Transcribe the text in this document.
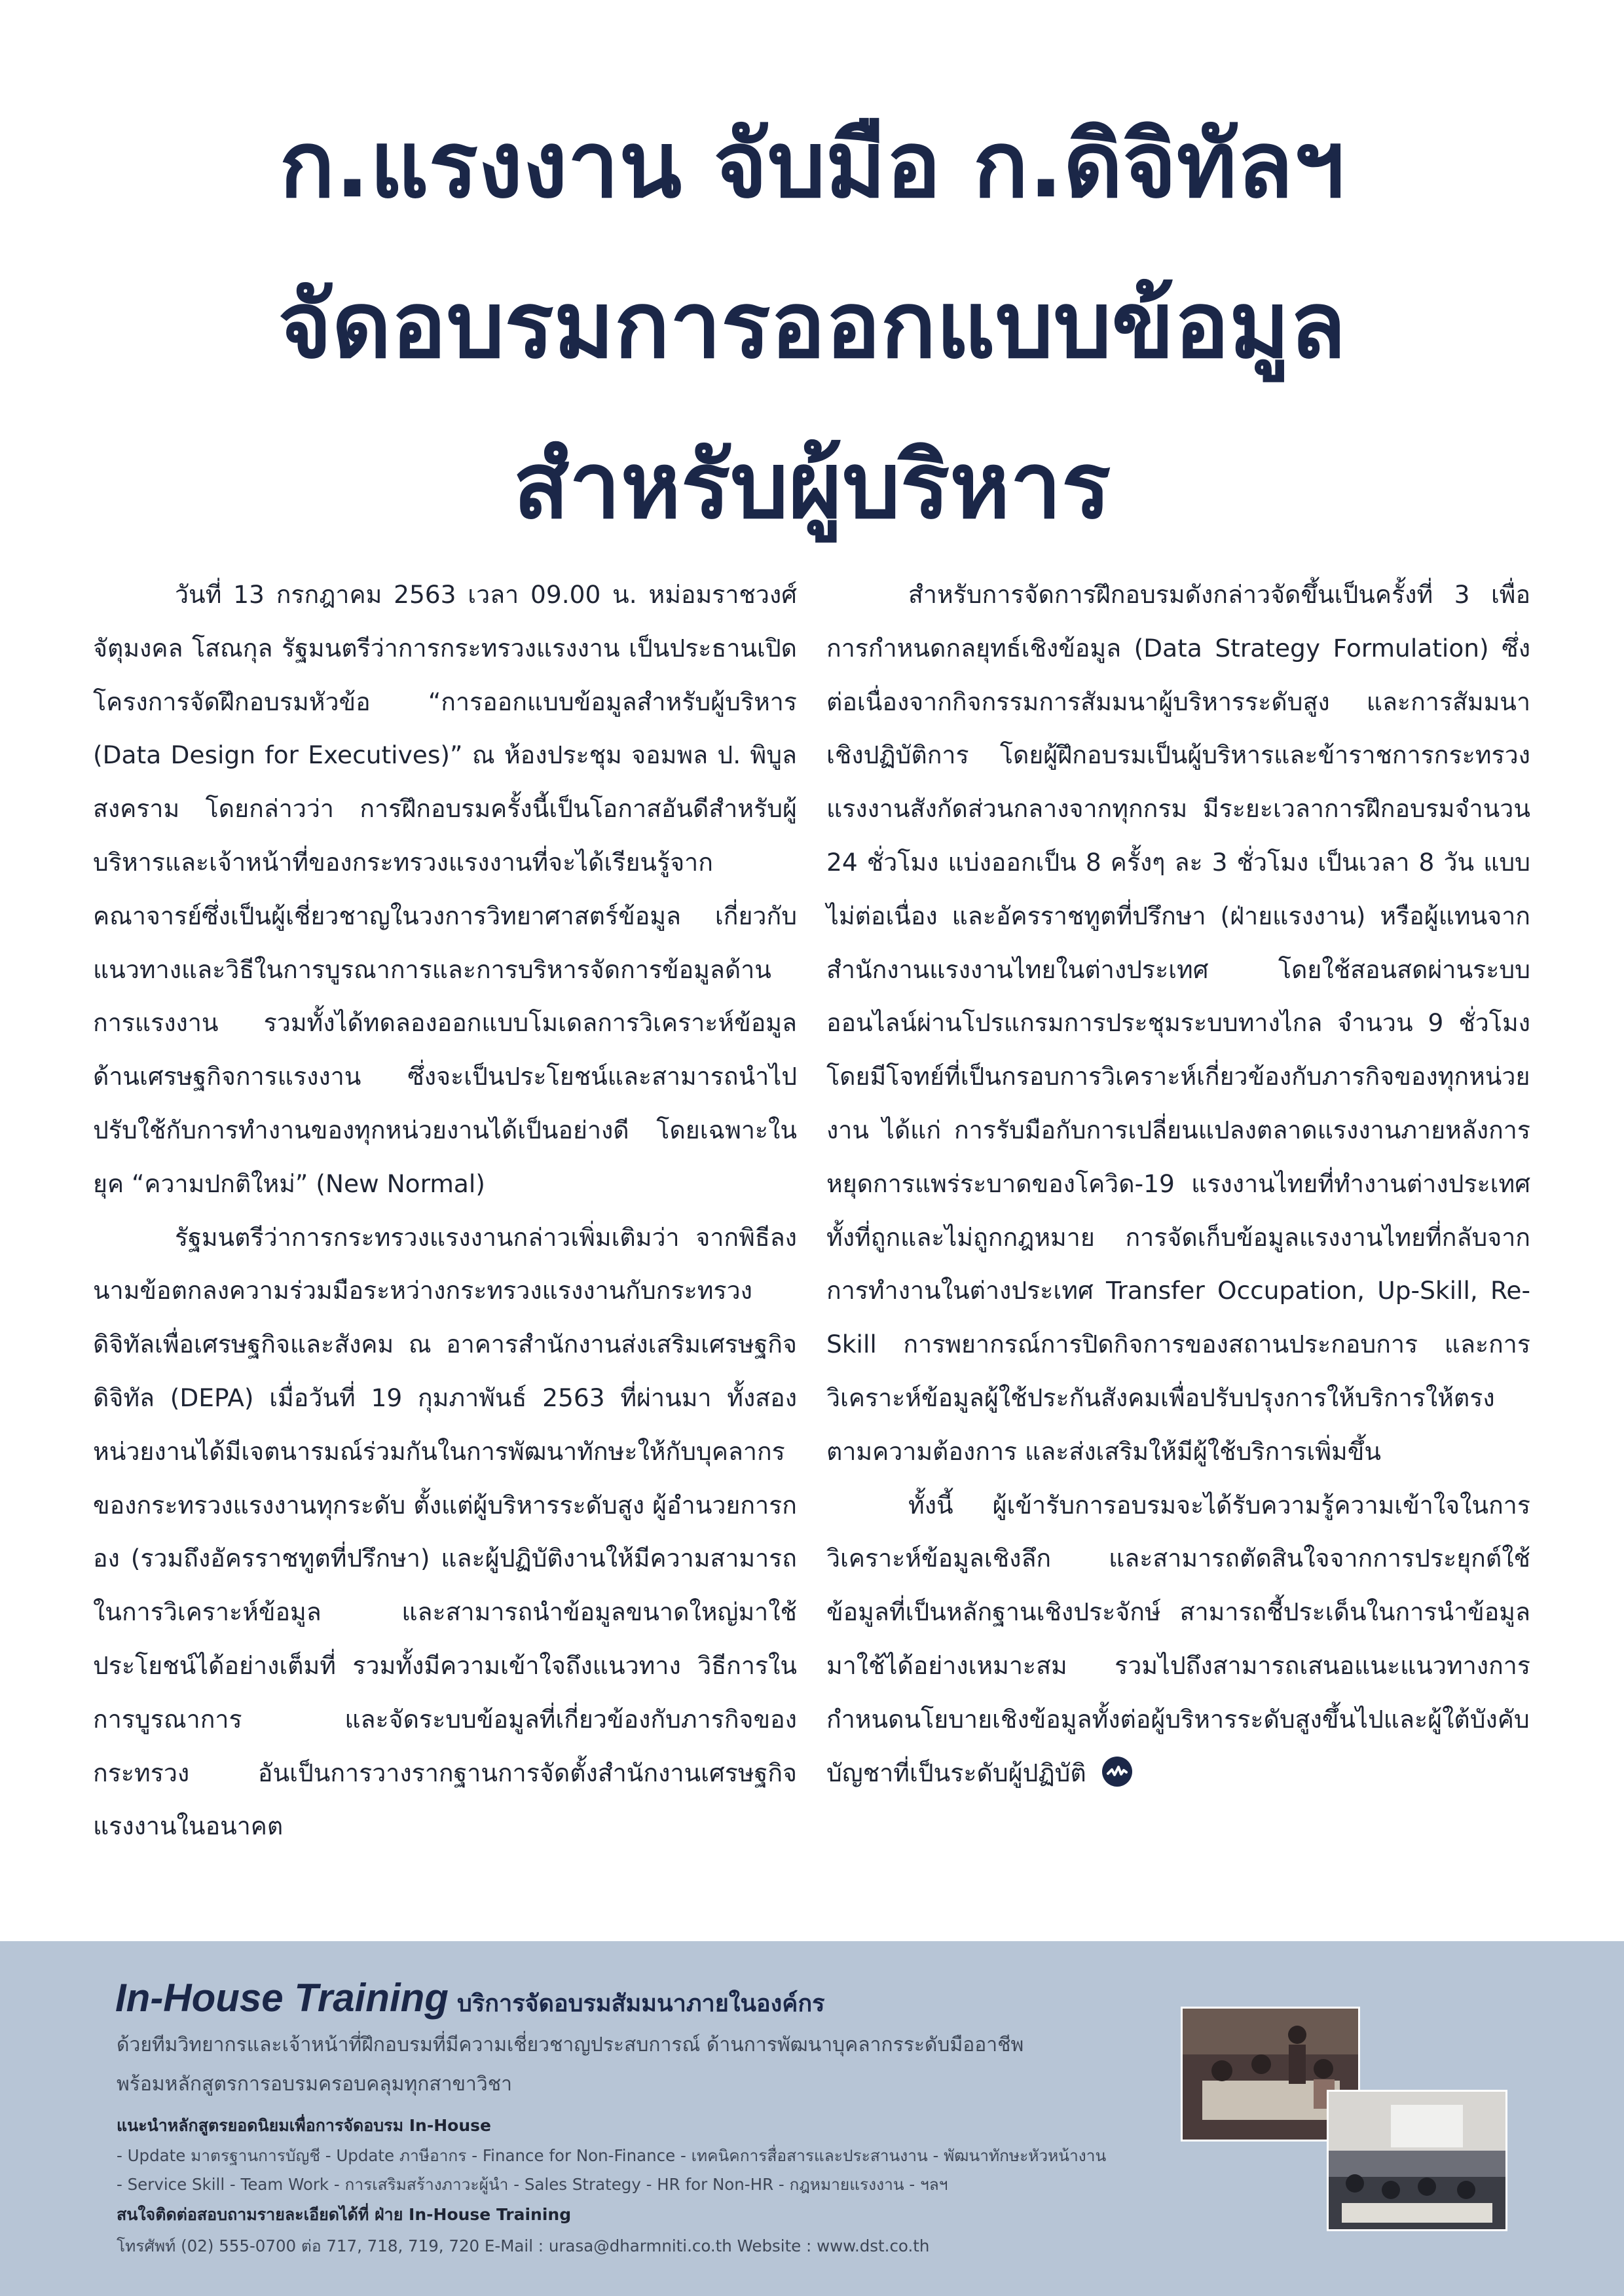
ก.แรงงาน จับมือ ก.ดิจิทัลฯ
จัดอบรมการออกแบบข้อมูล
สำหรับผู้บริหาร

วันที่ 13 กรกฎาคม 2563 เวลา 09.00 น. หม่อมราชวงศ์จัตุมงคล โสณกุล รัฐมนตรีว่าการกระทรวงแรงงาน เป็นประธานเปิดโครงการจัดฝึกอบรมหัวข้อ “การออกแบบข้อมูลสำหรับผู้บริหาร (Data Design for Executives)” ณ ห้องประชุม จอมพล ป. พิบูลสงคราม โดยกล่าวว่า การฝึกอบรมครั้งนี้เป็นโอกาสอันดีสำหรับผู้บริหารและเจ้าหน้าที่ของกระทรวงแรงงานที่จะได้เรียนรู้จากคณาจารย์ซึ่งเป็นผู้เชี่ยวชาญในวงการวิทยาศาสตร์ข้อมูล เกี่ยวกับแนวทางและวิธีในการบูรณาการและการบริหารจัดการข้อมูลด้านการแรงงาน รวมทั้งได้ทดลองออกแบบโมเดลการวิเคราะห์ข้อมูลด้านเศรษฐกิจการแรงงาน ซึ่งจะเป็นประโยชน์และสามารถนำไปปรับใช้กับการทำงานของทุกหน่วยงานได้เป็นอย่างดี โดยเฉพาะในยุค “ความปกติใหม่” (New Normal)

รัฐมนตรีว่าการกระทรวงแรงงานกล่าวเพิ่มเติมว่า จากพิธีลงนามข้อตกลงความร่วมมือระหว่างกระทรวงแรงงานกับกระทรวงดิจิทัลเพื่อเศรษฐกิจและสังคม ณ อาคารสำนักงานส่งเสริมเศรษฐกิจดิจิทัล (DEPA) เมื่อวันที่ 19 กุมภาพันธ์ 2563 ที่ผ่านมา ทั้งสองหน่วยงานได้มีเจตนารมณ์ร่วมกันในการพัฒนาทักษะให้กับบุคลากรของกระทรวงแรงงานทุกระดับ ตั้งแต่ผู้บริหารระดับสูง ผู้อำนวยการกอง (รวมถึงอัครราชทูตที่ปรึกษา) และผู้ปฏิบัติงานให้มีความสามารถในการวิเคราะห์ข้อมูล และสามารถนำข้อมูลขนาดใหญ่มาใช้ประโยชน์ได้อย่างเต็มที่ รวมทั้งมีความเข้าใจถึงแนวทาง วิธีการในการบูรณาการ และจัดระบบข้อมูลที่เกี่ยวข้องกับภารกิจของกระทรวง อันเป็นการวางรากฐานการจัดตั้งสำนักงานเศรษฐกิจแรงงานในอนาคต

สำหรับการจัดการฝึกอบรมดังกล่าวจัดขึ้นเป็นครั้งที่ 3 เพื่อการกำหนดกลยุทธ์เชิงข้อมูล (Data Strategy Formulation) ซึ่งต่อเนื่องจากกิจกรรมการสัมมนาผู้บริหารระดับสูง และการสัมมนาเชิงปฏิบัติการ โดยผู้ฝึกอบรมเป็นผู้บริหารและข้าราชการกระทรวงแรงงานสังกัดส่วนกลางจากทุกกรม มีระยะเวลาการฝึกอบรมจำนวน 24 ชั่วโมง แบ่งออกเป็น 8 ครั้งๆ ละ 3 ชั่วโมง เป็นเวลา 8 วัน แบบไม่ต่อเนื่อง และอัครราชทูตที่ปรึกษา (ฝ่ายแรงงาน) หรือผู้แทนจากสำนักงานแรงงานไทยในต่างประเทศ โดยใช้สอนสดผ่านระบบออนไลน์ผ่านโปรแกรมการประชุมระบบทางไกล จำนวน 9 ชั่วโมง โดยมีโจทย์ที่เป็นกรอบการวิเคราะห์เกี่ยวข้องกับภารกิจของทุกหน่วยงาน ได้แก่ การรับมือกับการเปลี่ยนแปลงตลาดแรงงานภายหลังการหยุดการแพร่ระบาดของโควิด-19 แรงงานไทยที่ทำงานต่างประเทศทั้งที่ถูกและไม่ถูกกฎหมาย การจัดเก็บข้อมูลแรงงานไทยที่กลับจากการทำงานในต่างประเทศ Transfer Occupation, Up-Skill, Re-Skill การพยากรณ์การปิดกิจการของสถานประกอบการ และการวิเคราะห์ข้อมูลผู้ใช้ประกันสังคมเพื่อปรับปรุงการให้บริการให้ตรงตามความต้องการ และส่งเสริมให้มีผู้ใช้บริการเพิ่มขึ้น

ทั้งนี้ ผู้เข้ารับการอบรมจะได้รับความรู้ความเข้าใจในการวิเคราะห์ข้อมูลเชิงลึก และสามารถตัดสินใจจากการประยุกต์ใช้ข้อมูลที่เป็นหลักฐานเชิงประจักษ์ สามารถชี้ประเด็นในการนำข้อมูลมาใช้ได้อย่างเหมาะสม รวมไปถึงสามารถเสนอแนะแนวทางการกำหนดนโยบายเชิงข้อมูลทั้งต่อผู้บริหารระดับสูงขึ้นไปและผู้ใต้บังคับบัญชาที่เป็นระดับผู้ปฏิบัติ

In-House Training บริการจัดอบรมสัมมนาภายในองค์กร
ด้วยทีมวิทยากรและเจ้าหน้าที่ฝึกอบรมที่มีความเชี่ยวชาญประสบการณ์ ด้านการพัฒนาบุคลากรระดับมืออาชีพ
พร้อมหลักสูตรการอบรมครอบคลุมทุกสาขาวิชา
แนะนำหลักสูตรยอดนิยมเพื่อการจัดอบรม In-House
- Update มาตรฐานการบัญชี - Update ภาษีอากร - Finance for Non-Finance - เทคนิคการสื่อสารและประสานงาน - พัฒนาทักษะหัวหน้างาน
- Service Skill - Team Work - การเสริมสร้างภาวะผู้นำ - Sales Strategy - HR for Non-HR - กฎหมายแรงงาน - ฯลฯ
สนใจติดต่อสอบถามรายละเอียดได้ที่ ฝ่าย In-House Training
โทรศัพท์ (02) 555-0700 ต่อ 717, 718, 719, 720 E-Mail : urasa@dharmniti.co.th Website : www.dst.co.th
